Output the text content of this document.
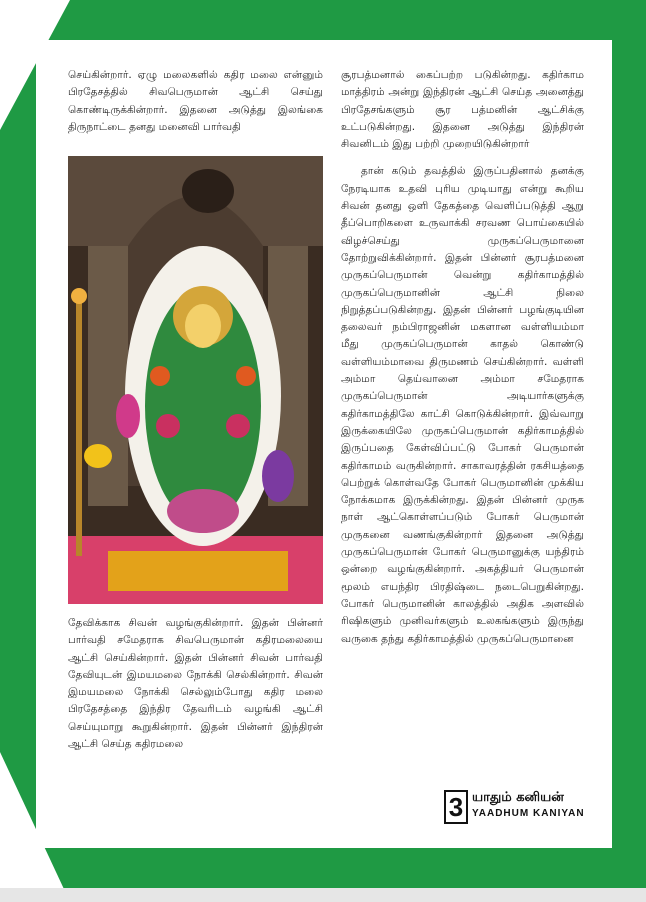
செய்கின்றார். ஏழு மலைகளில் கதிர மலை என்னும் பிரதேசத்தில் சிவபெருமான் ஆட்சி செய்து கொண்டிருக்கின்றார். இதனை அடுத்து இலங்கை திருநாட்டை தனது மனைவி பார்வதி

தேவிக்காக சிவன் வழங்குகின்றார். இதன் பின்னர் பார்வதி சமேதராக சிவபெருமான் கதிரமலையை ஆட்சி செய்கின்றார். இதன் பின்னர் சிவன் பார்வதி தேவியுடன் இமயமலை நோக்கி செல்கின்றார். சிவன் இமயமலை நோக்கி செல்லும்போது கதிர மலை பிரதேசத்தை இந்திர தேவரிடம் வழங்கி ஆட்சி செய்யுமாறு கூறுகின்றார். இதன் பின்னர் இந்திரன் ஆட்சி செய்த கதிரமலை

சூரபத்மனால் கைப்பற்ற படுகின்றது. கதிர்காம மாத்திரம் அன்று இந்திரன் ஆட்சி செய்த அனைத்து பிரதேசங்களும் சூர பத்மனின் ஆட்சிக்கு உட்படுகின்றது. இதனை அடுத்து இந்திரன் சிவனிடம் இது பற்றி முறையிடுகின்றார்

தான் கடும் தவத்தில் இருப்பதினால் தனக்கு நேரடியாக உதவி புரிய முடியாது என்று கூறிய சிவன் தனது ஒளி தேகத்தை வெளிப்படுத்தி ஆறு தீப்பொறிகளை உருவாக்கி சரவண பொய்கையில் விழச்செய்து முருகப்பெருமானை தோற்றுவிக்கின்றார். இதன் பின்னர் சூரபத்மனை முருகப்பெருமான் வென்று கதிர்காமத்தில் முருகப்பெருமானின் ஆட்சி நிலை நிறுத்தப்படுகின்றது. இதன் பின்னர் பழங்குடியின தலைவர் நம்பிராஜனின் மகளான வள்ளியம்மா மீது முருகப்பெருமான் காதல் கொண்டு வள்ளியம்மாவை திருமணம் செய்கின்றார். வள்ளி அம்மா தெய்வானை அம்மா சமேதராக முருகப்பெருமான் அடியார்களுக்கு கதிர்காமத்திலே காட்சி கொடுக்கின்றார். இவ்வாறு இருக்கையிலே முருகப்பெருமான் கதிர்காமத்தில் இருப்பதை கேள்விப்பட்டு போகர் பெருமான் கதிர்காமம் வருகின்றார். சாகாவரத்தின் ரகசியத்தை பெற்றுக் கொள்வதே போகர் பெருமானின் முக்கிய நோக்கமாக இருக்கின்றது. இதன் பின்னர் முருக நாள் ஆட்கொள்ளப்படும் போகர் பெருமான் முருகனை வணங்குகின்றார் இதனை அடுத்து முருகப்பெருமான் போகர் பெருமானுக்கு யந்திரம் ஒன்றை வழங்குகின்றார். அகத்தியர் பெருமான் மூலம் எயந்திர பிரதிஷ்டை நடைபெறுகின்றது. போகர் பெருமானின் காலத்தில் அதிக அளவில் ரிஷிகளும் முனிவர்களும் உலகங்களும் இருந்து வருகை தந்து கதிர்காமத்தில் முருகப்பெருமானை

3 யாதும் கனியன்
YAADHUM KANIYAN
